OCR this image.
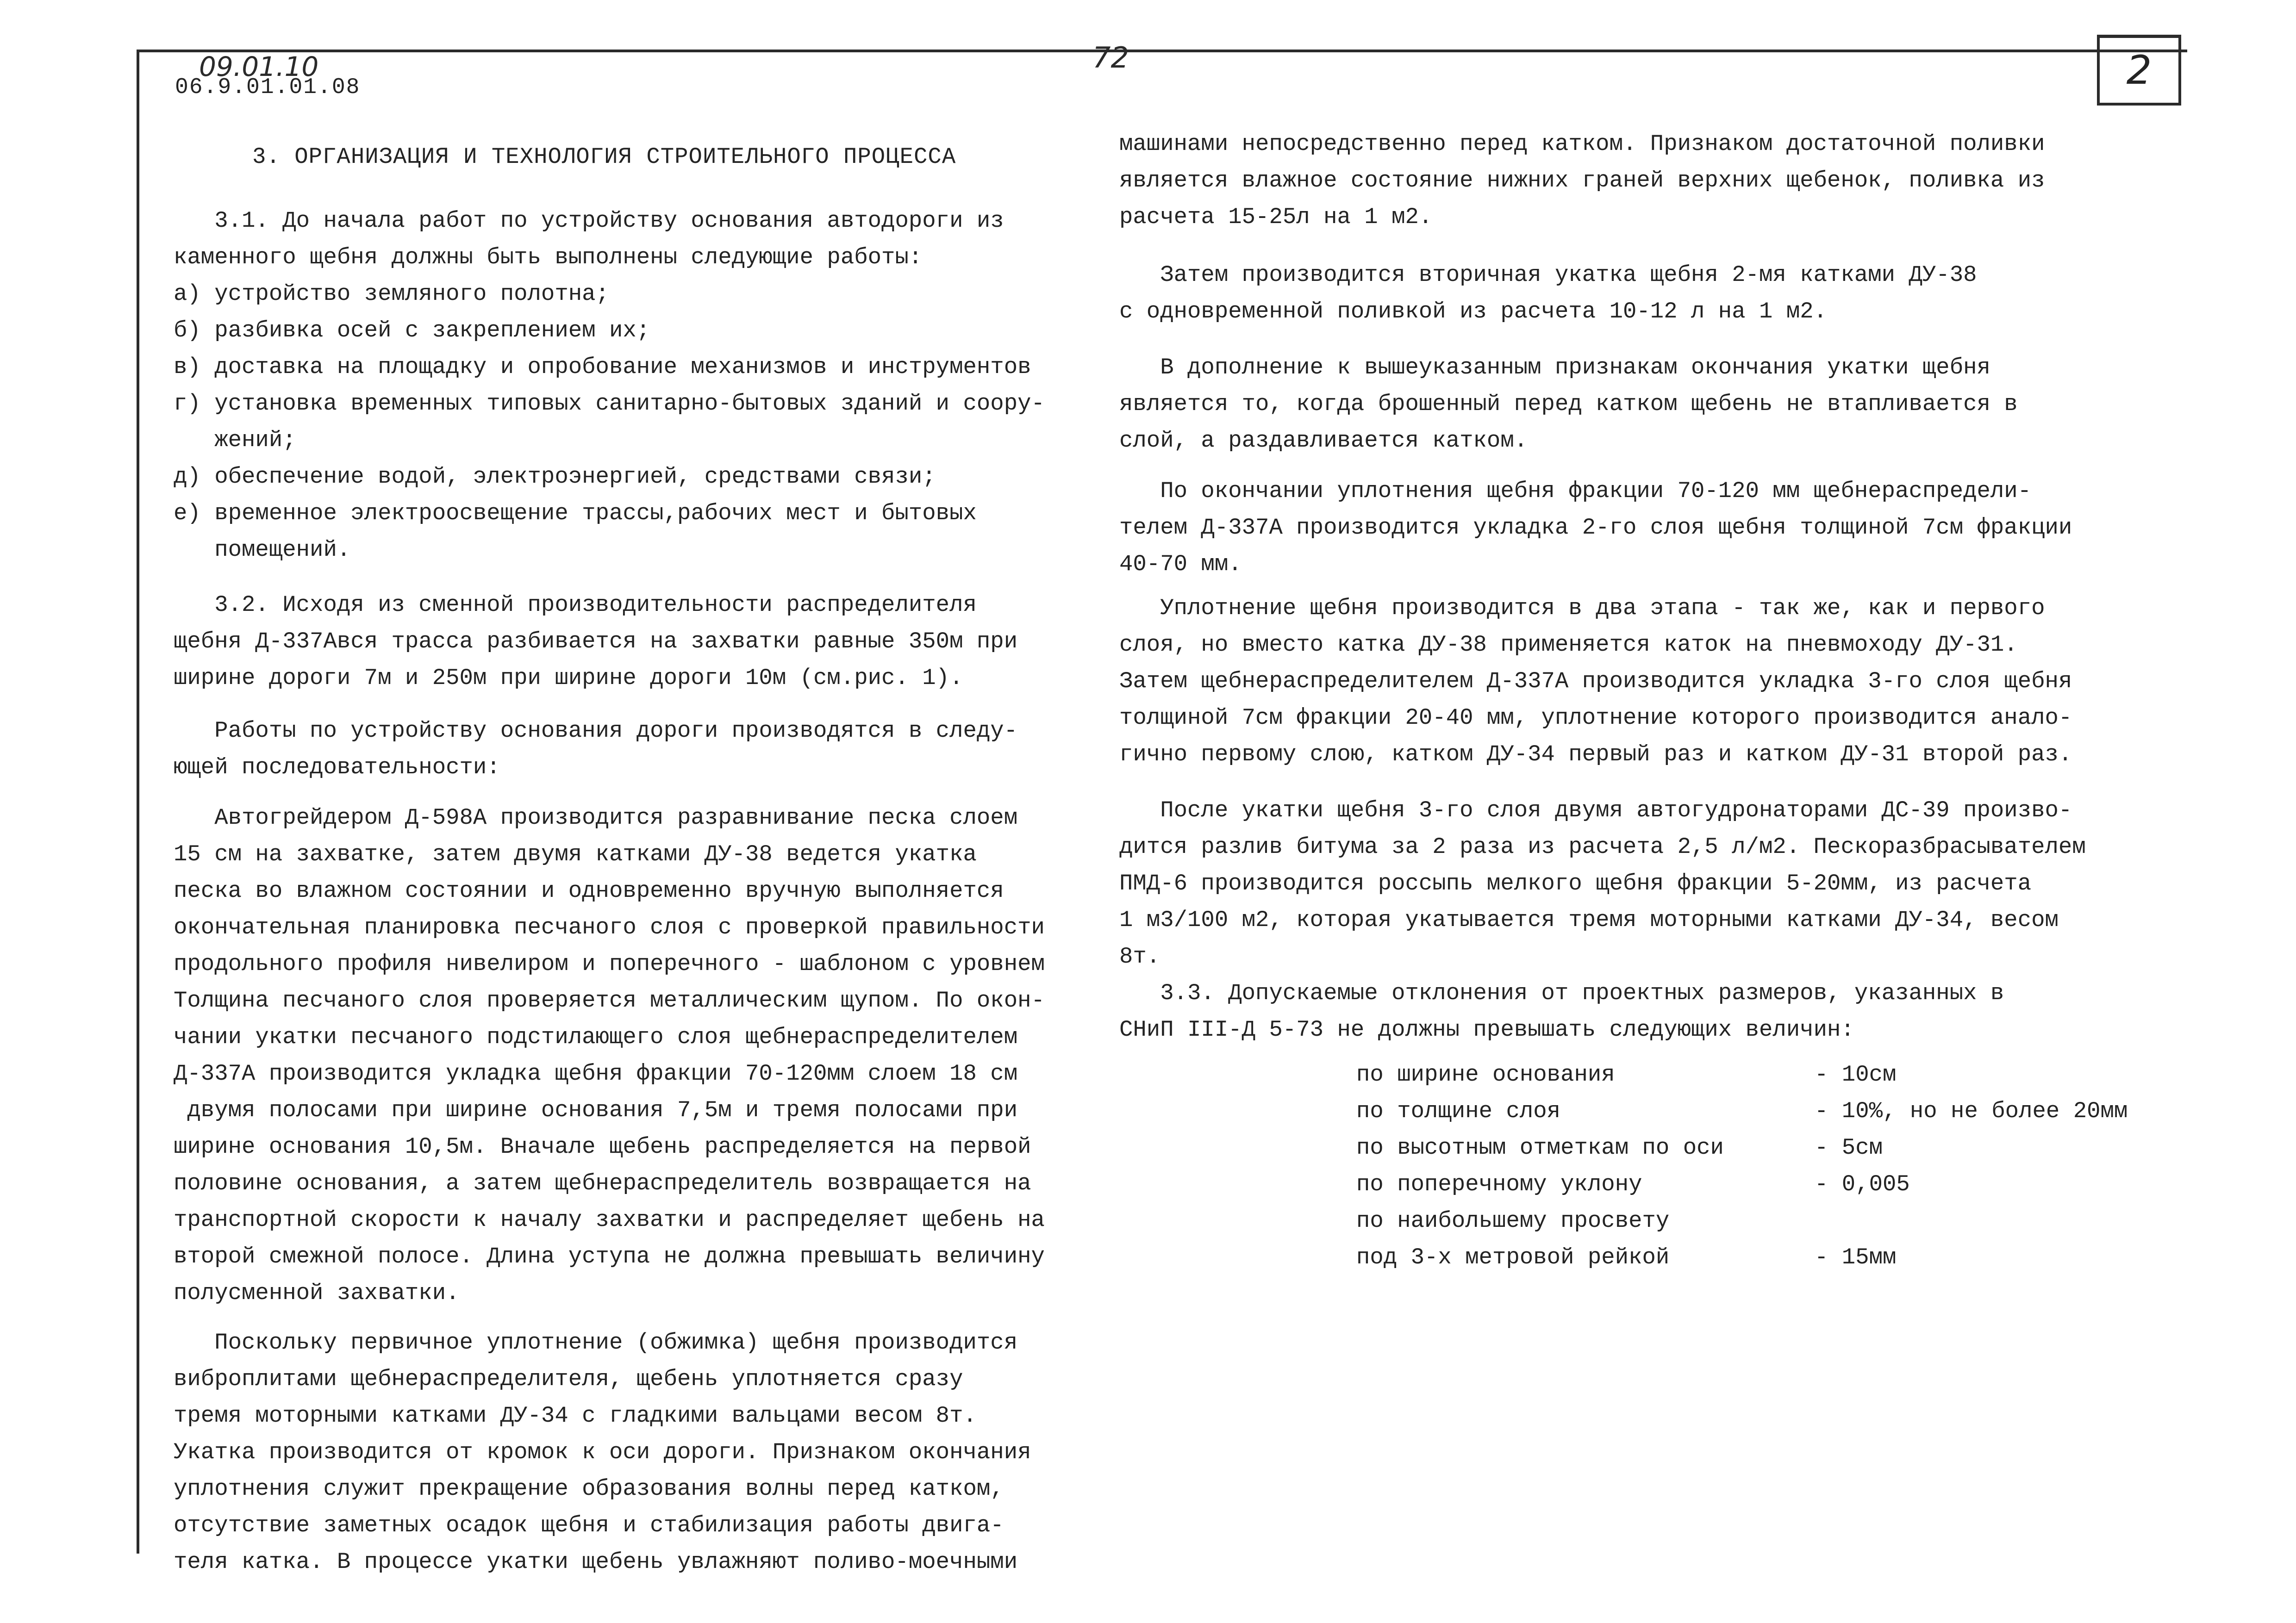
09.01.10
06.9.01.01.08
72	2

3. ОРГАНИЗАЦИЯ И ТЕХНОЛОГИЯ СТРОИТЕЛЬНОГО ПРОЦЕССА

3.1. До начала работ по устройству основания автодороги из

каменного щебня должны быть выполнены следующие работы:

а) устройство земляного полотна;

б) разбивка осей с закреплением их;

в) доставка на площадку и опробование механизмов и инструментов

г) установка временных типовых санитарно-бытовых зданий и соору-

жений;

д) обеспечение водой, электроэнергией, средствами связи;

е) временное электроосвещение трассы,рабочих мест и бытовых

помещений.

3.2. Исходя из сменной производительности распределителя

щебня Д-337Ався трасса разбивается на захватки равные 350м при

ширине дороги 7м и 250м при ширине дороги 10м (см.рис. 1).

Работы по устройству основания дороги производятся в следу-

ющей последовательности:

Автогрейдером Д-598А производится разравнивание песка слоем

15 см на захватке, затем двумя катками ДУ-38 ведется укатка

песка во влажном состоянии и одновременно вручную выполняется

окончательная планировка песчаного слоя с проверкой правильности

продольного профиля нивелиром и поперечного - шаблоном с уровнем

Толщина песчаного слоя проверяется металлическим щупом. По окон-

чании укатки песчаного подстилающего слоя щебнераспределителем

Д-337А производится укладка щебня фракции 70-120мм слоем 18 см

двумя полосами при ширине основания 7,5м и тремя полосами при

ширине основания 10,5м. Вначале щебень распределяется на первой

половине основания, а затем щебнераспределитель возвращается на

транспортной скорости к началу захватки и распределяет щебень на

второй смежной полосе. Длина уступа не должна превышать величину

полусменной захватки.

Поскольку первичное уплотнение (обжимка) щебня производится

виброплитами щебнераспределителя, щебень уплотняется сразу

тремя моторными катками ДУ-34 с гладкими вальцами весом 8т.

Укатка производится от кромок к оси дороги. Признаком окончания

уплотнения служит прекращение образования волны перед катком,

отсутствие заметных осадок щебня и стабилизация работы двига-

теля катка. В процессе укатки щебень увлажняют поливо-моечными

машинами непосредственно перед катком. Признаком достаточной поливки

является влажное состояние нижних граней верхних щебенок, поливка из

расчета 15-25л на 1 м2.

Затем производится вторичная укатка щебня 2-мя катками ДУ-38

с одновременной поливкой из расчета 10-12 л на 1 м2.

В дополнение к вышеуказанным признакам окончания укатки щебня

является то, когда брошенный перед катком щебень не втапливается в

слой, а раздавливается катком.

По окончании уплотнения щебня фракции 70-120 мм щебнераспредели-

телем Д-337А производится укладка 2-го слоя щебня толщиной 7см фракции

40-70 мм.

Уплотнение щебня производится в два этапа - так же, как и первого

слоя, но вместо катка ДУ-38 применяется каток на пневмоходу ДУ-31.

Затем щебнераспределителем Д-337А производится укладка 3-го слоя щебня

толщиной 7см фракции 20-40 мм, уплотнение которого производится анало-

гично первому слою, катком ДУ-34 первый раз и катком ДУ-31 второй раз.

После укатки щебня 3-го слоя двумя автогудронаторами ДС-39 произво-

дится разлив битума за 2 раза из расчета 2,5 л/м2. Пескоразбрасывателем

ПМД-6 производится россыпь мелкого щебня фракции 5-20мм, из расчета

1 м3/100 м2, которая укатывается тремя моторными катками ДУ-34, весом

8т.

3.3. Допускаемые отклонения от проектных размеров, указанных в

СНиП III-Д 5-73 не должны превышать следующих величин:

по ширине основания

	- 10см

по толщине слоя

	- 10%, но не более 20мм

по высотным отметкам по оси

	- 5см

по поперечному уклону

	- 0,005

по наибольшему просвету

под 3-х метровой рейкой

	- 15мм
